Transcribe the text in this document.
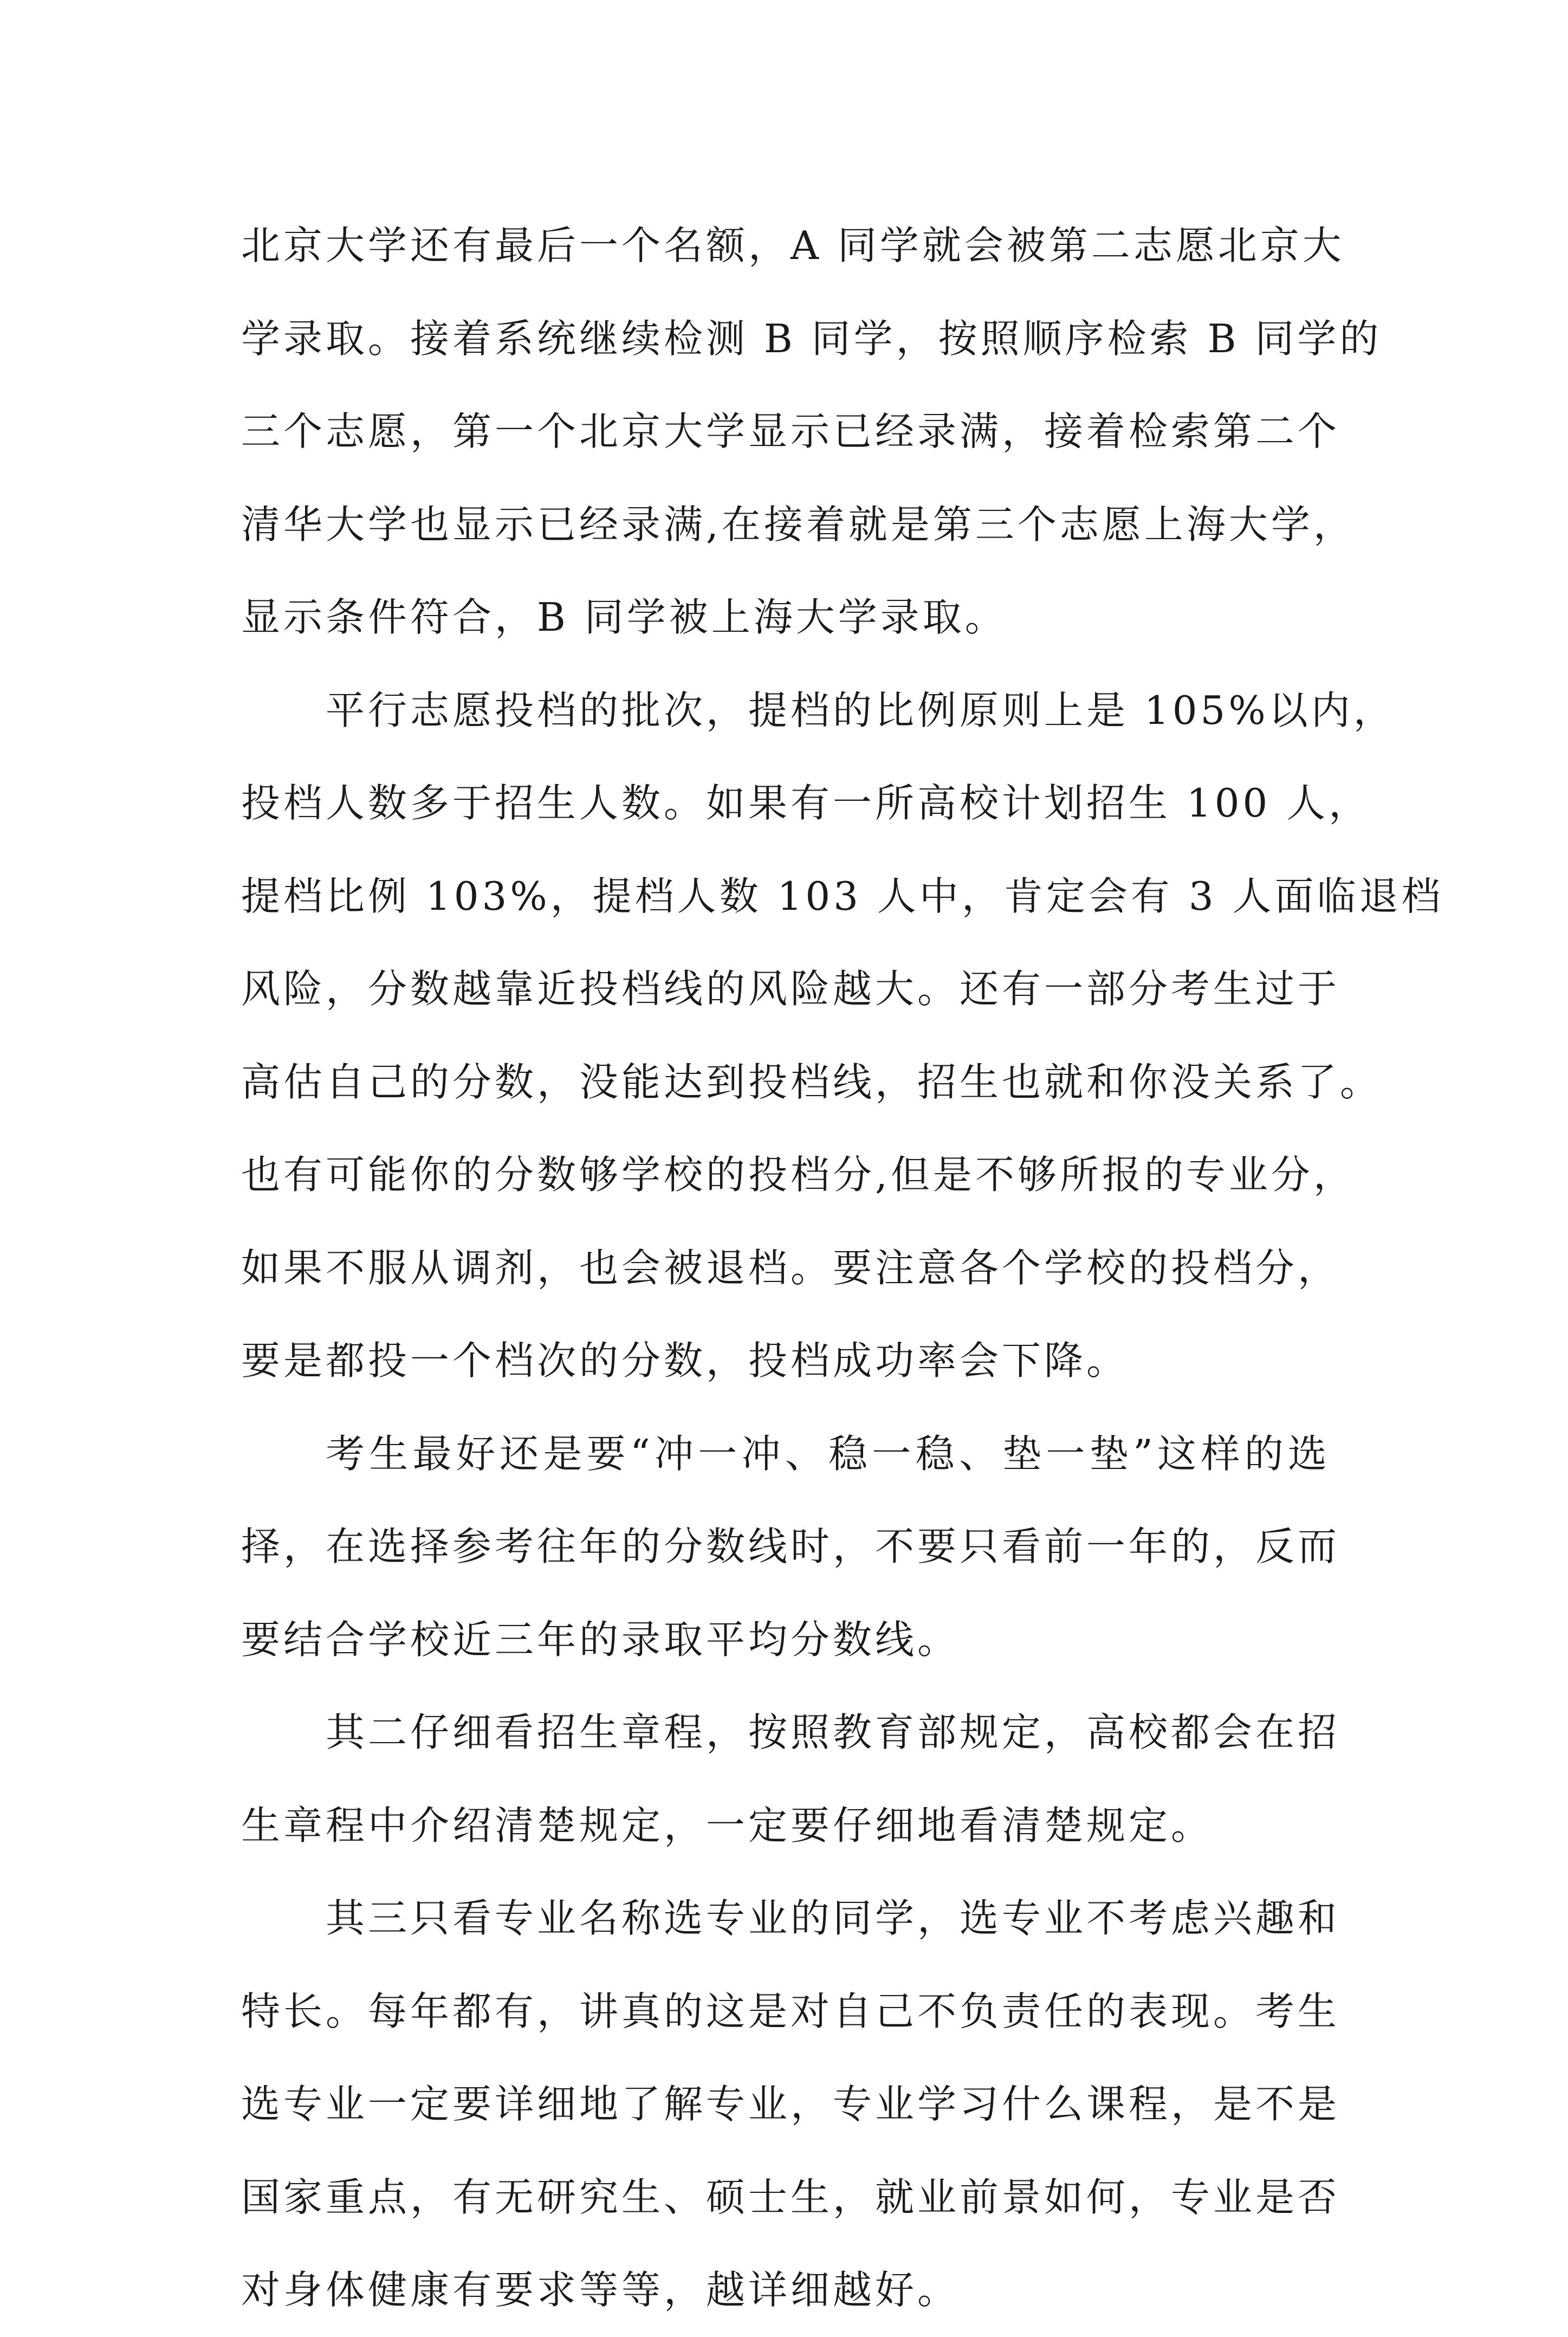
北京大学还有最后一个名额，A 同学就会被第二志愿北京大
学录取。接着系统继续检测 B 同学，按照顺序检索 B 同学的
三个志愿，第一个北京大学显示已经录满，接着检索第二个
清华大学也显示已经录满,在接着就是第三个志愿上海大学，
显示条件符合，B 同学被上海大学录取。
平行志愿投档的批次，提档的比例原则上是 105%以内，
投档人数多于招生人数。如果有一所高校计划招生 100 人，
提档比例 103%，提档人数 103 人中，肯定会有 3 人面临退档
风险，分数越靠近投档线的风险越大。还有一部分考生过于
高估自己的分数，没能达到投档线，招生也就和你没关系了。
也有可能你的分数够学校的投档分,但是不够所报的专业分，
如果不服从调剂，也会被退档。要注意各个学校的投档分，
要是都投一个档次的分数，投档成功率会下降。
考生最好还是要“冲一冲、稳一稳、垫一垫”这样的选
择，在选择参考往年的分数线时，不要只看前一年的，反而
要结合学校近三年的录取平均分数线。
其二仔细看招生章程，按照教育部规定，高校都会在招
生章程中介绍清楚规定，一定要仔细地看清楚规定。
其三只看专业名称选专业的同学，选专业不考虑兴趣和
特长。每年都有，讲真的这是对自己不负责任的表现。考生
选专业一定要详细地了解专业，专业学习什么课程，是不是
国家重点，有无研究生、硕士生，就业前景如何，专业是否
对身体健康有要求等等，越详细越好。
